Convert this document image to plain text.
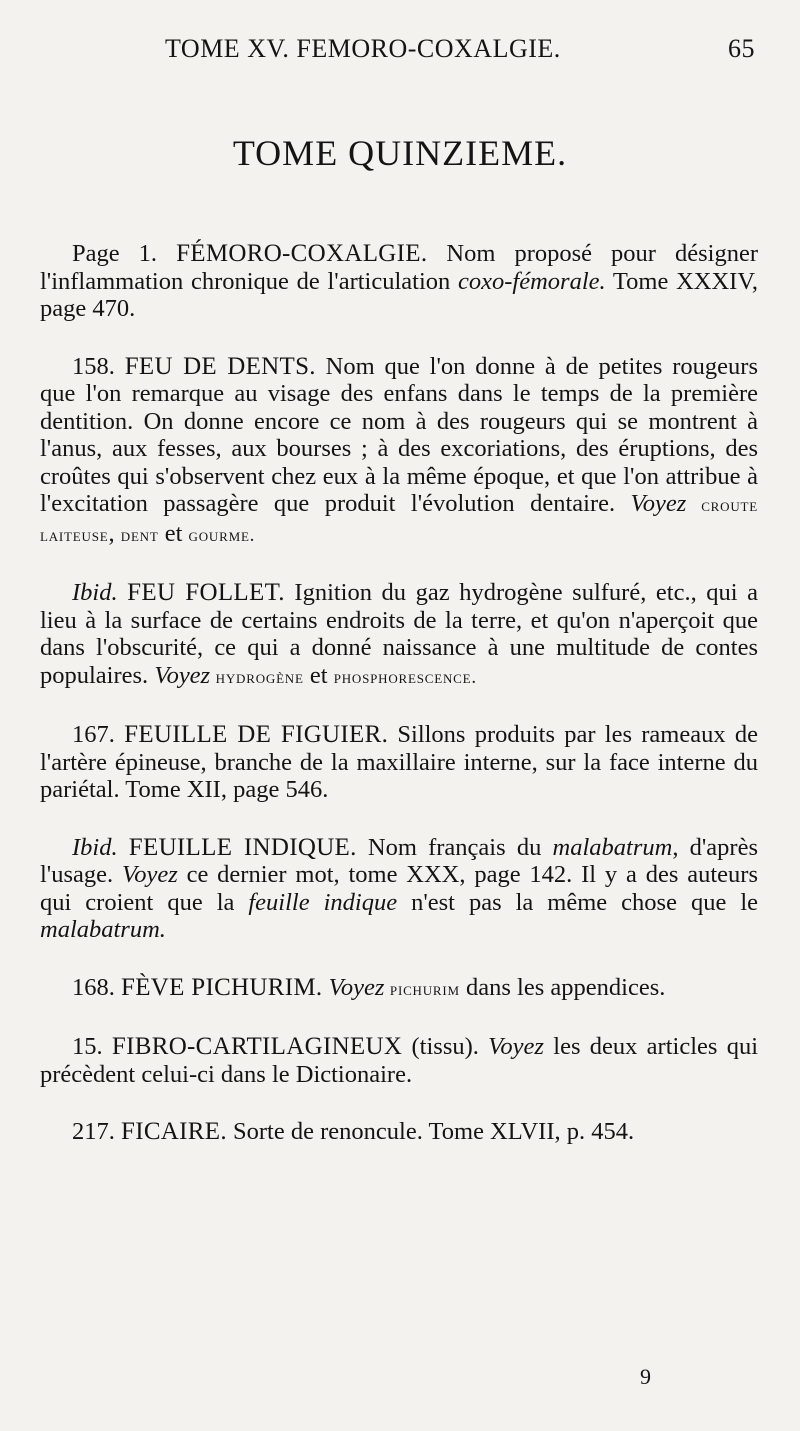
TOME XV. FEMORO-COXALGIE.	65
TOME QUINZIEME.

Page 1. FÉMORO-COXALGIE. Nom proposé pour désigner l'inflammation chronique de l'articulation coxo-fémorale. Tome XXXIV, page 470.

158. FEU DE DENTS. Nom que l'on donne à de petites rougeurs que l'on remarque au visage des enfans dans le temps de la première dentition. On donne encore ce nom à des rougeurs qui se montrent à l'anus, aux fesses, aux bourses ; à des excoriations, des éruptions, des croûtes qui s'observent chez eux à la même époque, et que l'on attribue à l'excitation passagère que produit l'évolution dentaire. Voyez croute laiteuse, dent et gourme.

Ibid. FEU FOLLET. Ignition du gaz hydrogène sulfuré, etc., qui a lieu à la surface de certains endroits de la terre, et qu'on n'aperçoit que dans l'obscurité, ce qui a donné naissance à une multitude de contes populaires. Voyez hydrogène et phosphorescence.

167. FEUILLE DE FIGUIER. Sillons produits par les rameaux de l'artère épineuse, branche de la maxillaire interne, sur la face interne du pariétal. Tome XII, page 546.

Ibid. FEUILLE INDIQUE. Nom français du malabatrum, d'après l'usage. Voyez ce dernier mot, tome XXX, page 142. Il y a des auteurs qui croient que la feuille indique n'est pas la même chose que le malabatrum.

168. FÈVE PICHURIM. Voyez pichurim dans les appendices.

15. FIBRO-CARTILAGINEUX (tissu). Voyez les deux articles qui précèdent celui-ci dans le Dictionaire.

217. FICAIRE. Sorte de renoncule. Tome XLVII, p. 454.

9
